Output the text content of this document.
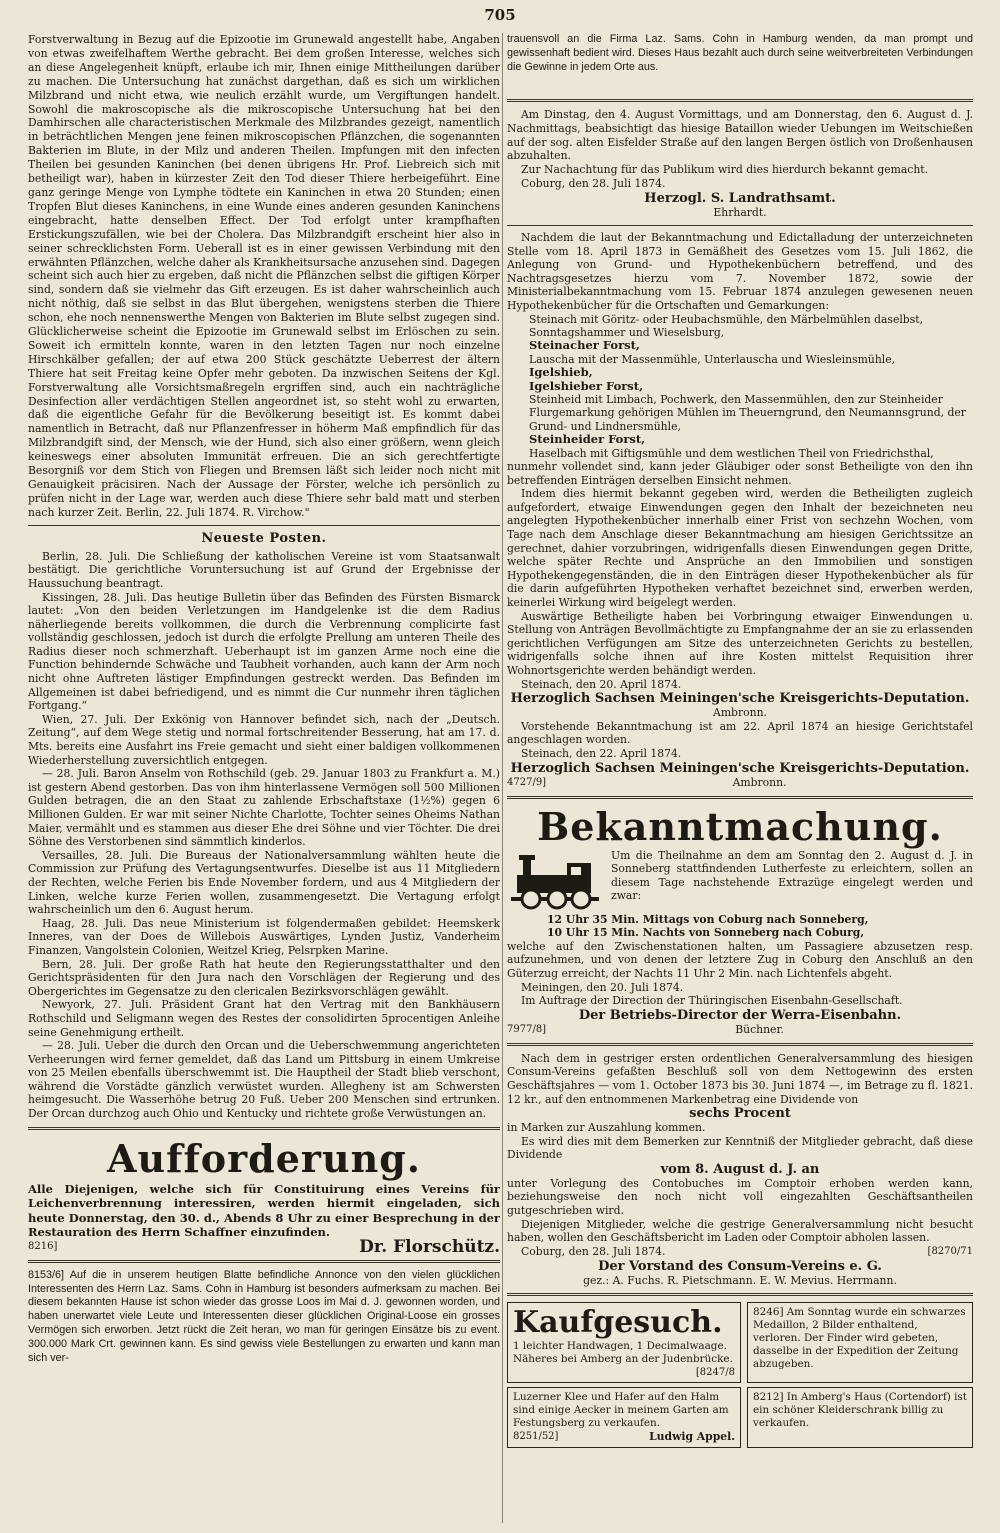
705

Forstverwaltung in Bezug auf die Epizootie im Grunewald angestellt habe, Angaben von etwas zweifelhaftem Werthe gebracht. Bei dem großen Interesse, welches sich an diese Angelegenheit knüpft, erlaube ich mir, Ihnen einige Mittheilungen darüber zu machen. Die Untersuchung hat zunächst dargethan, daß es sich um wirklichen Milzbrand und nicht etwa, wie neulich erzählt wurde, um Vergiftungen handelt. Sowohl die makroscopische als die mikroscopische Untersuchung hat bei den Damhirschen alle characteristischen Merkmale des Milzbrandes gezeigt, namentlich in beträchtlichen Mengen jene feinen mikroscopischen Pflänzchen, die sogenannten Bakterien im Blute, in der Milz und anderen Theilen. Impfungen mit den infecten Theilen bei gesunden Kaninchen (bei denen übrigens Hr. Prof. Liebreich sich mit betheiligt war), haben in kürzester Zeit den Tod dieser Thiere herbeigeführt. Eine ganz geringe Menge von Lymphe tödtete ein Kaninchen in etwa 20 Stunden; einen Tropfen Blut dieses Kaninchens, in eine Wunde eines anderen gesunden Kaninchens eingebracht, hatte denselben Effect. Der Tod erfolgt unter krampfhaften Erstickungszufällen, wie bei der Cholera. Das Milzbrandgift erscheint hier also in seiner schrecklichsten Form. Ueberall ist es in einer gewissen Verbindung mit den erwähnten Pflänzchen, welche daher als Krankheitsursache anzusehen sind. Dagegen scheint sich auch hier zu ergeben, daß nicht die Pflänzchen selbst die giftigen Körper sind, sondern daß sie vielmehr das Gift erzeugen. Es ist daher wahrscheinlich auch nicht nöthig, daß sie selbst in das Blut übergehen, wenigstens sterben die Thiere schon, ehe noch nennenswerthe Mengen von Bakterien im Blute selbst zugegen sind. Glücklicherweise scheint die Epizootie im Grunewald selbst im Erlöschen zu sein. Soweit ich ermitteln konnte, waren in den letzten Tagen nur noch einzelne Hirschkälber gefallen; der auf etwa 200 Stück geschätzte Ueberrest der ältern Thiere hat seit Freitag keine Opfer mehr geboten. Da inzwischen Seitens der Kgl. Forstverwaltung alle Vorsichtsmaßregeln ergriffen sind, auch ein nachträgliche Desinfection aller verdächtigen Stellen angeordnet ist, so steht wohl zu erwarten, daß die eigentliche Gefahr für die Bevölkerung beseitigt ist. Es kommt dabei namentlich in Betracht, daß nur Pflanzenfresser in höherm Maß empfindlich für das Milzbrandgift sind, der Mensch, wie der Hund, sich also einer größern, wenn gleich keineswegs einer absoluten Immunität erfreuen. Die an sich gerechtfertigte Besorgniß vor dem Stich von Fliegen und Bremsen läßt sich leider noch nicht mit Genauigkeit präcisiren. Nach der Aussage der Förster, welche ich persönlich zu prüfen nicht in der Lage war, werden auch diese Thiere sehr bald matt und sterben nach kurzer Zeit. Berlin, 22. Juli 1874. R. Virchow."

Neueste Posten.

Berlin, 28. Juli. Die Schließung der katholischen Vereine ist vom Staatsanwalt bestätigt. Die gerichtliche Voruntersuchung ist auf Grund der Ergebnisse der Haussuchung beantragt.

Kissingen, 28. Juli. Das heutige Bulletin über das Befinden des Fürsten Bismarck lautet: „Von den beiden Verletzungen im Handgelenke ist die dem Radius näherliegende bereits vollkommen, die durch die Verbrennung complicirte fast vollständig geschlossen, jedoch ist durch die erfolgte Prellung am unteren Theile des Radius dieser noch schmerzhaft. Ueberhaupt ist im ganzen Arme noch eine die Function behindernde Schwäche und Taubheit vorhanden, auch kann der Arm noch nicht ohne Auftreten lästiger Empfindungen gestreckt werden. Das Befinden im Allgemeinen ist dabei befriedigend, und es nimmt die Cur nunmehr ihren täglichen Fortgang.“

Wien, 27. Juli. Der Exkönig von Hannover befindet sich, nach der „Deutsch. Zeitung“, auf dem Wege stetig und normal fortschreitender Besserung, hat am 17. d. Mts. bereits eine Ausfahrt ins Freie gemacht und sieht einer baldigen vollkommenen Wiederherstellung zuversichtlich entgegen.

— 28. Juli. Baron Anselm von Rothschild (geb. 29. Januar 1803 zu Frankfurt a. M.) ist gestern Abend gestorben. Das von ihm hinterlassene Vermögen soll 500 Millionen Gulden betragen, die an den Staat zu zahlende Erbschaftstaxe (1½%) gegen 6 Millionen Gulden. Er war mit seiner Nichte Charlotte, Tochter seines Oheims Nathan Maier, vermählt und es stammen aus dieser Ehe drei Söhne und vier Töchter. Die drei Söhne des Verstorbenen sind sämmtlich kinderlos.

Versailles, 28. Juli. Die Bureaus der Nationalversammlung wählten heute die Commission zur Prüfung des Vertagungsentwurfes. Dieselbe ist aus 11 Mitgliedern der Rechten, welche Ferien bis Ende November fordern, und aus 4 Mitgliedern der Linken, welche kurze Ferien wollen, zusammengesetzt. Die Vertagung erfolgt wahrscheinlich um den 6. August herum.

Haag, 28. Juli. Das neue Ministerium ist folgendermaßen gebildet: Heemskerk Inneres, van der Does de Willebois Auswärtiges, Lynden Justiz, Vanderheim Finanzen, Vangolstein Colonien, Weitzel Krieg, Pelsrpken Marine.

Bern, 28. Juli. Der große Rath hat heute den Regierungsstatthalter und den Gerichtspräsidenten für den Jura nach den Vorschlägen der Regierung und des Obergerichtes im Gegensatze zu den clericalen Bezirksvorschlägen gewählt.

Newyork, 27. Juli. Präsident Grant hat den Vertrag mit den Bankhäusern Rothschild und Seligmann wegen des Restes der consolidirten 5procentigen Anleihe seine Genehmigung ertheilt.

— 28. Juli. Ueber die durch den Orcan und die Ueberschwemmung angerichteten Verheerungen wird ferner gemeldet, daß das Land um Pittsburg in einem Umkreise von 25 Meilen ebenfalls überschwemmt ist. Die Hauptheil der Stadt blieb verschont, während die Vorstädte gänzlich verwüstet wurden. Allegheny ist am Schwersten heimgesucht. Die Wasserhöhe betrug 20 Fuß. Ueber 200 Menschen sind ertrunken. Der Orcan durchzog auch Ohio und Kentucky und richtete große Verwüstungen an.

Aufforderung.

Alle Diejenigen, welche sich für Constituirung eines Vereins für Leichenverbrennung interessiren, werden hiermit eingeladen, sich heute Donnerstag, den 30. d., Abends 8 Uhr zu einer Besprechung in der Restauration des Herrn Schaffner einzufinden.

8216]	Dr. Florschütz.

8153/6] Auf die in unserem heutigen Blatte befindliche Annonce von den vielen glücklichen Interessenten des Herrn Laz. Sams. Cohn in Hamburg ist besonders aufmerksam zu machen. Bei diesem bekannten Hause ist schon wieder das grosse Loos im Mai d. J. gewonnen worden, und haben unerwartet viele Leute und Interessenten dieser glücklichen Original-Loose ein grosses Vermögen sich erworben. Jetzt rückt die Zeit heran, wo man für geringen Einsätze bis zu event. 300.000 Mark Crt. gewinnen kann. Es sind gewiss viele Bestellungen zu erwarten und kann man sich ver-

trauensvoll an die Firma Laz. Sams. Cohn in Hamburg wenden, da man prompt und gewissenhaft bedient wird. Dieses Haus bezahlt auch durch seine weitverbreiteten Verbindungen die Gewinne in jedem Orte aus.

Am Dinstag, den 4. August Vormittags, und am Donnerstag, den 6. August d. J. Nachmittags, beabsichtigt das hiesige Bataillon wieder Uebungen im Weitschießen auf der sog. alten Eisfelder Straße auf den langen Bergen östlich von Droßenhausen abzuhalten.

Zur Nachachtung für das Publikum wird dies hierdurch bekannt gemacht.

Coburg, den 28. Juli 1874.

Herzogl. S. Landrathsamt.
Ehrhardt.

Nachdem die laut der Bekanntmachung und Edictalladung der unterzeichneten Stelle vom 18. April 1873 in Gemäßheit des Gesetzes vom 15. Juli 1862, die Anlegung von Grund- und Hypothekenbüchern betreffend, und des Nachtragsgesetzes hierzu vom 7. November 1872, sowie der Ministerialbekanntmachung vom 15. Februar 1874 anzulegen gewesenen neuen Hypothekenbücher für die Ortschaften und Gemarkungen:

Steinach mit Göritz- oder Heubachsmühle, den Märbelmühlen daselbst, Sonntagshammer und Wieselsburg,
Steinacher Forst,
Lauscha mit der Massenmühle, Unterlauscha und Wiesleinsmühle,
Igelshieb,
Igelshieber Forst,
Steinheid mit Limbach, Pochwerk, den Massenmühlen, den zur Steinheider Flurgemarkung gehörigen Mühlen im Theuerngrund, den Neumannsgrund, der Grund- und Lindnersmühle,
Steinheider Forst,
Haselbach mit Giftigsmühle und dem westlichen Theil von Friedrichsthal,

nunmehr vollendet sind, kann jeder Gläubiger oder sonst Betheiligte von den ihn betreffenden Einträgen derselben Einsicht nehmen.

Indem dies hiermit bekannt gegeben wird, werden die Betheiligten zugleich aufgefordert, etwaige Einwendungen gegen den Inhalt der bezeichneten neu angelegten Hypothekenbücher innerhalb einer Frist von sechzehn Wochen, vom Tage nach dem Anschlage dieser Bekanntmachung am hiesigen Gerichtssitze an gerechnet, dahier vorzubringen, widrigenfalls diesen Einwendungen gegen Dritte, welche später Rechte und Ansprüche an den Immobilien und sonstigen Hypothekengegenständen, die in den Einträgen dieser Hypothekenbücher als für die darin aufgeführten Hypotheken verhaftet bezeichnet sind, erwerben werden, keinerlei Wirkung wird beigelegt werden.

Auswärtige Betheiligte haben bei Vorbringung etwaiger Einwendungen u. Stellung von Anträgen Bevollmächtigte zu Empfangnahme der an sie zu erlassenden gerichtlichen Verfügungen am Sitze des unterzeichneten Gerichts zu bestellen, widrigenfalls solche ihnen auf ihre Kosten mittelst Requisition ihrer Wohnortsgerichte werden behändigt werden.

Steinach, den 20. April 1874.

Herzoglich Sachsen Meiningen'sche Kreisgerichts-Deputation.
Ambronn.

Vorstehende Bekanntmachung ist am 22. April 1874 an hiesige Gerichtstafel angeschlagen worden.

Steinach, den 22. April 1874.

Herzoglich Sachsen Meiningen'sche Kreisgerichts-Deputation.
4727/9]	Ambronn.
Bekanntmachung.

Um die Theilnahme an dem am Sonntag den 2. August d. J. in Sonneberg stattfindenden Lutherfeste zu erleichtern, sollen an diesem Tage nachstehende Extrazüge eingelegt werden und zwar:

12 Uhr 35 Min. Mittags von Coburg nach Sonneberg,
10 Uhr 15 Min. Nachts von Sonneberg nach Coburg,

welche auf den Zwischenstationen halten, um Passagiere abzusetzen resp. aufzunehmen, und von denen der letztere Zug in Coburg den Anschluß an den Güterzug erreicht, der Nachts 11 Uhr 2 Min. nach Lichtenfels abgeht.

Meiningen, den 20. Juli 1874.

Im Auftrage der Direction der Thüringischen Eisenbahn-Gesellschaft.

Der Betriebs-Director der Werra-Eisenbahn.
7977/8]	Büchner.

Nach dem in gestriger ersten ordentlichen Generalversammlung des hiesigen Consum-Vereins gefaßten Beschluß soll von dem Nettogewinn des ersten Geschäftsjahres — vom 1. October 1873 bis 30. Juni 1874 —, im Betrage zu fl. 1821. 12 kr., auf den entnommenen Markenbetrag eine Dividende von

sechs Procent

in Marken zur Auszahlung kommen.

Es wird dies mit dem Bemerken zur Kenntniß der Mitglieder gebracht, daß diese Dividende

vom 8. August d. J. an

unter Vorlegung des Contobuches im Comptoir erhoben werden kann, beziehungsweise den noch nicht voll eingezahlten Geschäftsantheilen gutgeschrieben wird.

Diejenigen Mitglieder, welche die gestrige Generalversammlung nicht besucht haben, wollen den Geschäftsbericht im Laden oder Comptoir abholen lassen.

Coburg, den 28. Juli 1874.	[8270/71
Der Vorstand des Consum-Vereins e. G.
gez.: A. Fuchs. R. Pietschmann. E. W. Mevius. Herrmann.
Kaufgesuch.
1 leichter Handwagen, 1 Decimalwaage. Näheres bei Amberg an der Judenbrücke.
[8247/8
8246] Am Sonntag wurde ein schwarzes Medaillon, 2 Bilder enthaltend, verloren. Der Finder wird gebeten, dasselbe in der Expedition der Zeitung abzugeben.
Luzerner Klee und Hafer auf den Halm sind einige Aecker in meinem Garten am Festungsberg zu verkaufen.
8251/52]	Ludwig Appel.
8212] In Amberg's Haus (Cortendorf) ist ein schöner Kleiderschrank billig zu verkaufen.
